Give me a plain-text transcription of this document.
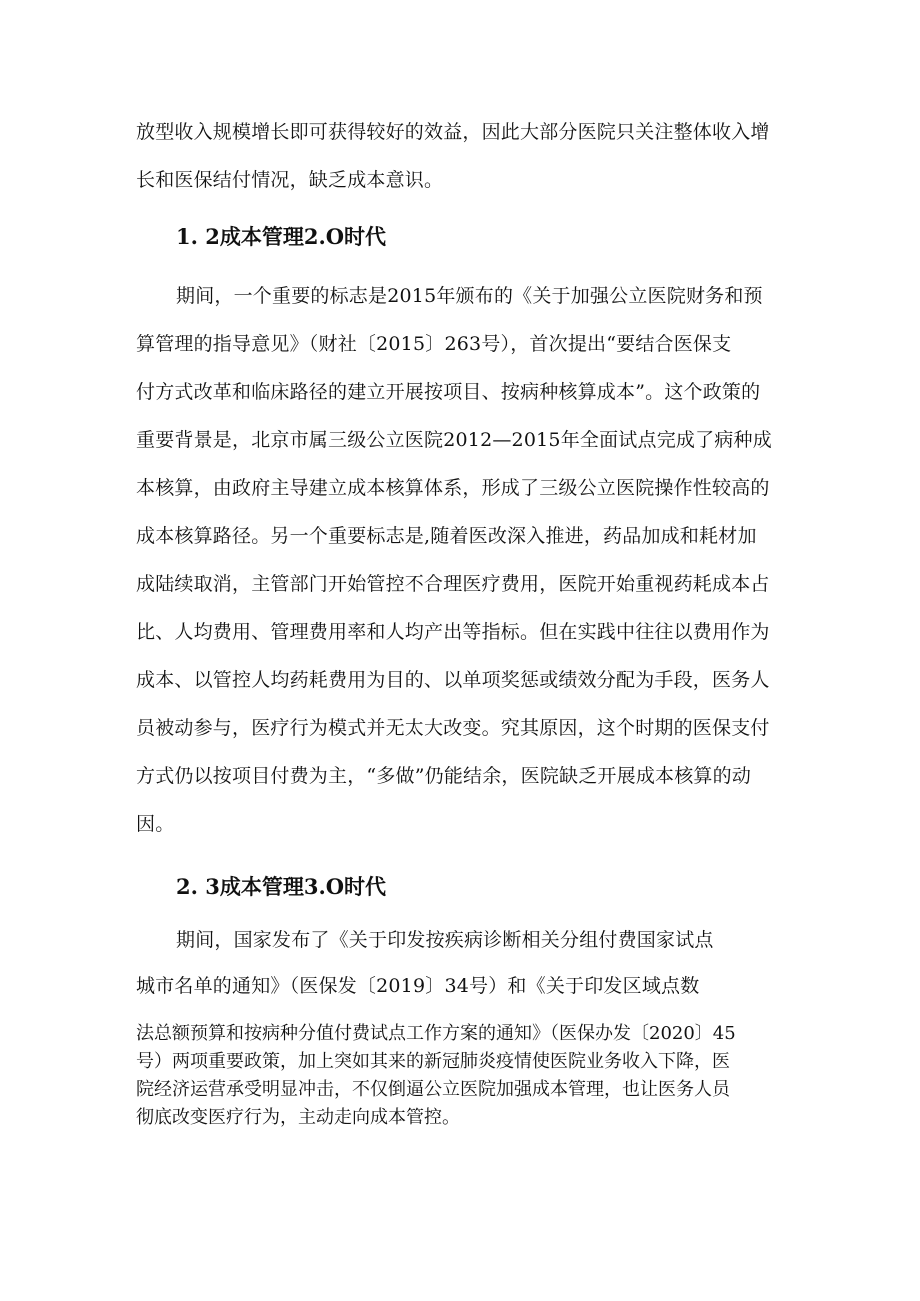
放型收入规模增长即可获得较好的效益，因此大部分医院只关注整体收入增
长和医保结付情况，缺乏成本意识。
1. 2成本管理2.O时代
期间，一个重要的标志是2015年颁布的《关于加强公立医院财务和预
算管理的指导意见》（财社〔2015〕263号），首次提出“要结合医保支
付方式改革和临床路径的建立开展按项目、按病种核算成本”。这个政策的
重要背景是，北京市属三级公立医院2012—2015年全面试点完成了病种成
本核算，由政府主导建立成本核算体系，形成了三级公立医院操作性较高的
成本核算路径。另一个重要标志是,随着医改深入推进，药品加成和耗材加
成陆续取消，主管部门开始管控不合理医疗费用，医院开始重视药耗成本占
比、人均费用、管理费用率和人均产出等指标。但在实践中往往以费用作为
成本、以管控人均药耗费用为目的、以单项奖惩或绩效分配为手段，医务人
员被动参与，医疗行为模式并无太大改变。究其原因，这个时期的医保支付
方式仍以按项目付费为主，“多做”仍能结余，医院缺乏开展成本核算的动
因。
2. 3成本管理3.O时代
期间，国家发布了《关于印发按疾病诊断相关分组付费国家试点
城市名单的通知》（医保发〔2019〕34号）和《关于印发区域点数
法总额预算和按病种分值付费试点工作方案的通知》（医保办发〔2020〕45
号）两项重要政策，加上突如其来的新冠肺炎疫情使医院业务收入下降，医
院经济运营承受明显冲击，不仅倒逼公立医院加强成本管理，也让医务人员
彻底改变医疗行为，主动走向成本管控。
